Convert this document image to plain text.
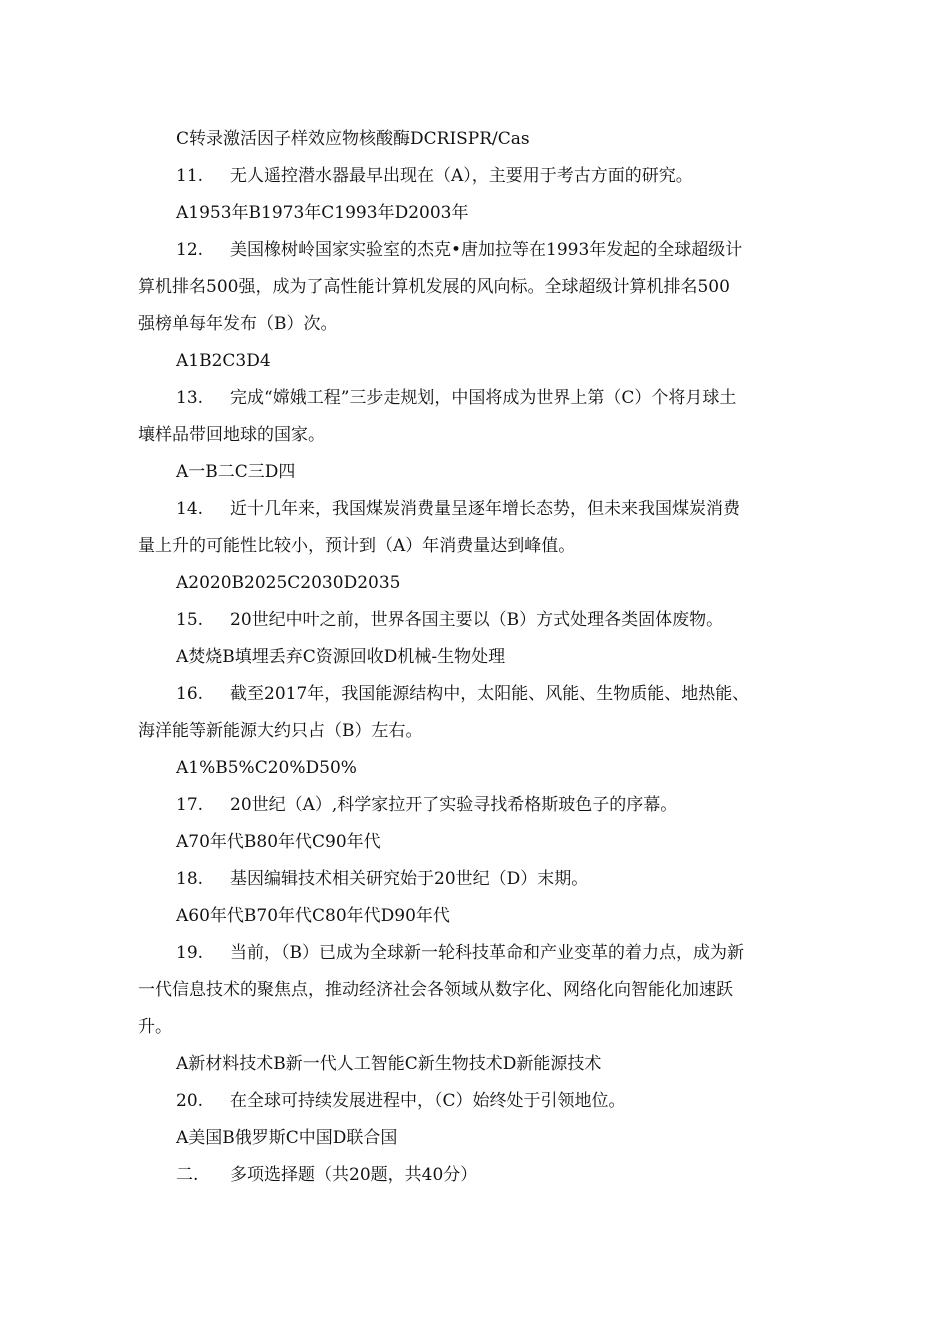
C转录激活因子样效应物核酸酶DCRISPR/Cas
11. 无人遥控潜水器最早出现在（A），主要用于考古方面的研究。
A1953年B1973年C1993年D2003年
12. 美国橡树岭国家实验室的杰克•唐加拉等在1993年发起的全球超级计
算机排名500强，成为了高性能计算机发展的风向标。全球超级计算机排名500
强榜单每年发布（B）次。
A1B2C3D4
13. 完成“嫦娥工程”三步走规划，中国将成为世界上第（C）个将月球土
壤样品带回地球的国家。
A一B二C三D四
14. 近十几年来，我国煤炭消费量呈逐年增长态势，但未来我国煤炭消费
量上升的可能性比较小，预计到（A）年消费量达到峰值。
A2020B2025C2030D2035
15. 20世纪中叶之前，世界各国主要以（B）方式处理各类固体废物。
A焚烧B填埋丢弃C资源回收D机械-生物处理
16. 截至2017年，我国能源结构中，太阳能、风能、生物质能、地热能、
海洋能等新能源大约只占（B）左右。
A1%B5%C20%D50%
17. 20世纪（A）,科学家拉开了实验寻找希格斯玻色子的序幕。
A70年代B80年代C90年代
18. 基因编辑技术相关研究始于20世纪（D）末期。
A60年代B70年代C80年代D90年代
19. 当前，（B）已成为全球新一轮科技革命和产业变革的着力点，成为新
一代信息技术的聚焦点，推动经济社会各领域从数字化、网络化向智能化加速跃
升。
A新材料技术B新一代人工智能C新生物技术D新能源技术
20. 在全球可持续发展进程中，（C）始终处于引领地位。
A美国B俄罗斯C中国D联合国
二. 多项选择题（共20题，共40分）
